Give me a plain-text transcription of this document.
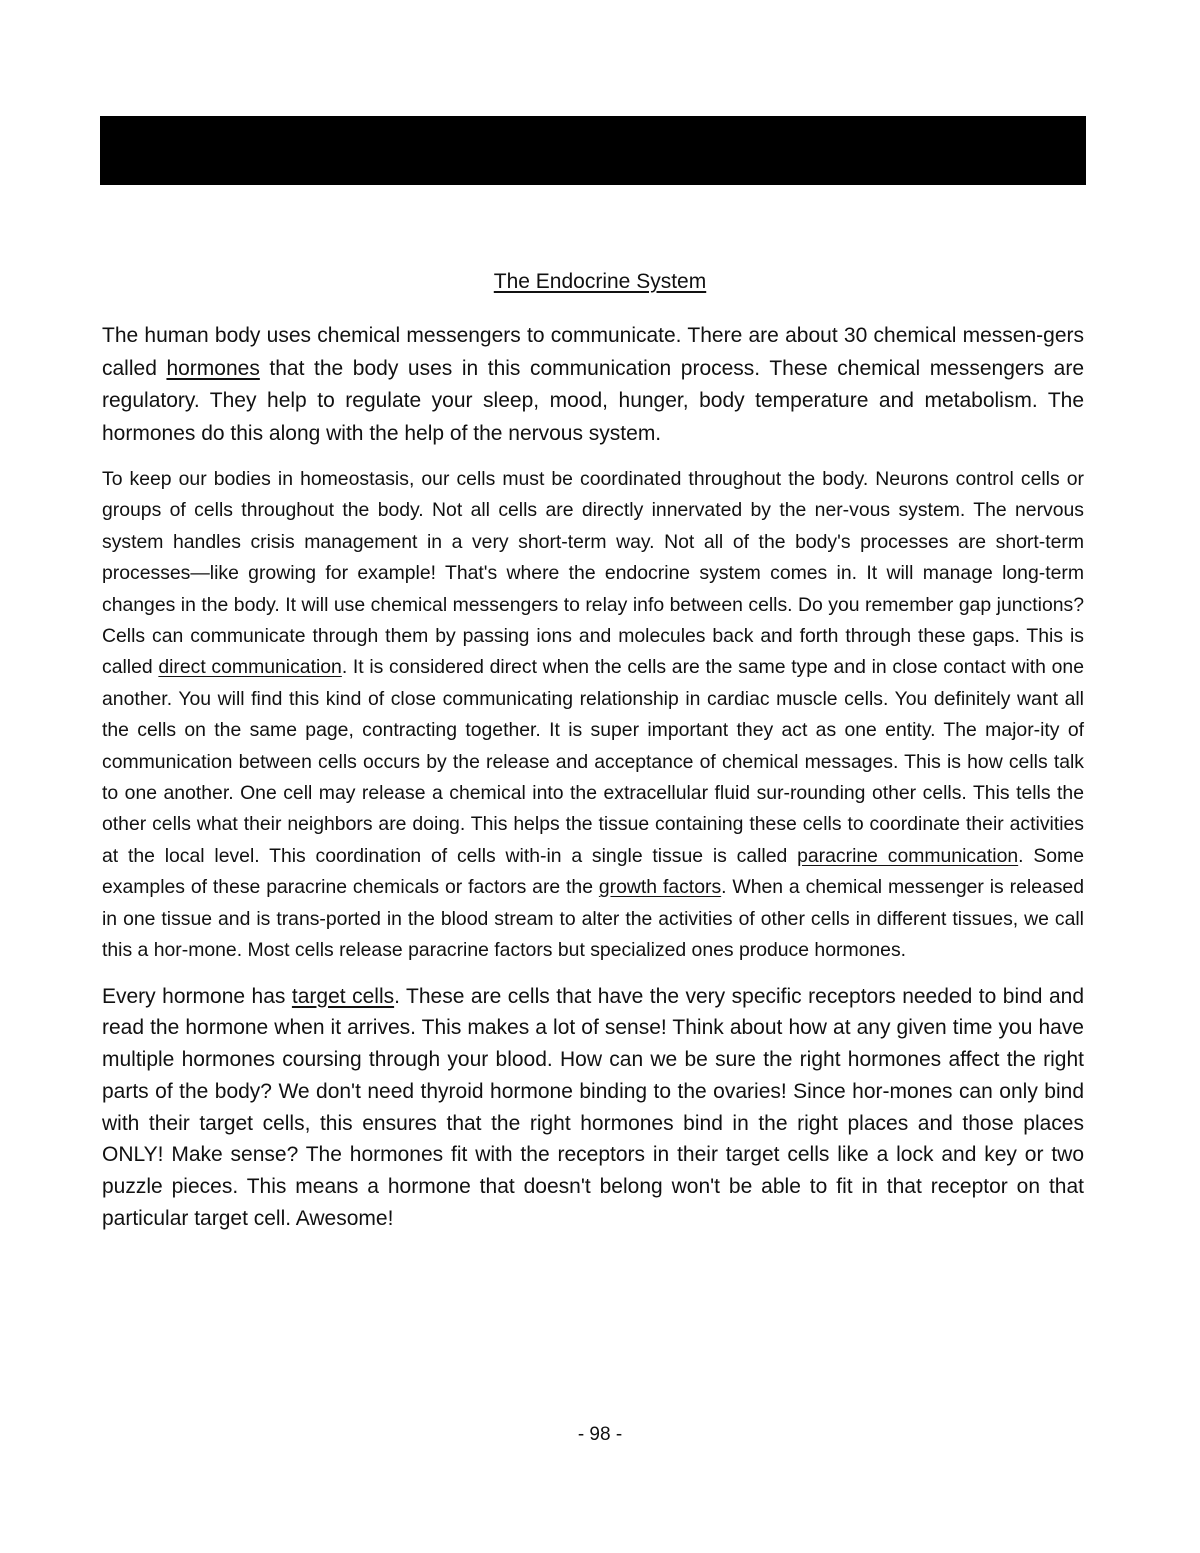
The Endocrine System

The human body uses chemical messengers to communicate. There are about 30 chemical messen-gers called hormones that the body uses in this communication process. These chemical messengers are regulatory. They help to regulate your sleep, mood, hunger, body temperature and metabolism. The hormones do this along with the help of the nervous system.

To keep our bodies in homeostasis, our cells must be coordinated throughout the body. Neurons control cells or groups of cells throughout the body. Not all cells are directly innervated by the ner-vous system. The nervous system handles crisis management in a very short-term way. Not all of the body's processes are short-term processes—like growing for example! That's where the endocrine system comes in. It will manage long-term changes in the body. It will use chemical messengers to relay info between cells. Do you remember gap junctions? Cells can communicate through them by passing ions and molecules back and forth through these gaps. This is called direct communication. It is considered direct when the cells are the same type and in close contact with one another. You will find this kind of close communicating relationship in cardiac muscle cells. You definitely want all the cells on the same page, contracting together. It is super important they act as one entity. The major-ity of communication between cells occurs by the release and acceptance of chemical messages. This is how cells talk to one another. One cell may release a chemical into the extracellular fluid sur-rounding other cells. This tells the other cells what their neighbors are doing. This helps the tissue containing these cells to coordinate their activities at the local level. This coordination of cells with-in a single tissue is called paracrine communication. Some examples of these paracrine chemicals or factors are the growth factors. When a chemical messenger is released in one tissue and is trans-ported in the blood stream to alter the activities of other cells in different tissues, we call this a hor-mone. Most cells release paracrine factors but specialized ones produce hormones.

Every hormone has target cells. These are cells that have the very specific receptors needed to bind and read the hormone when it arrives. This makes a lot of sense! Think about how at any given time you have multiple hormones coursing through your blood. How can we be sure the right hormones affect the right parts of the body? We don't need thyroid hormone binding to the ovaries! Since hor-mones can only bind with their target cells, this ensures that the right hormones bind in the right places and those places ONLY! Make sense? The hormones fit with the receptors in their target cells like a lock and key or two puzzle pieces. This means a hormone that doesn't belong won't be able to fit in that receptor on that particular target cell. Awesome!

- 98 -
